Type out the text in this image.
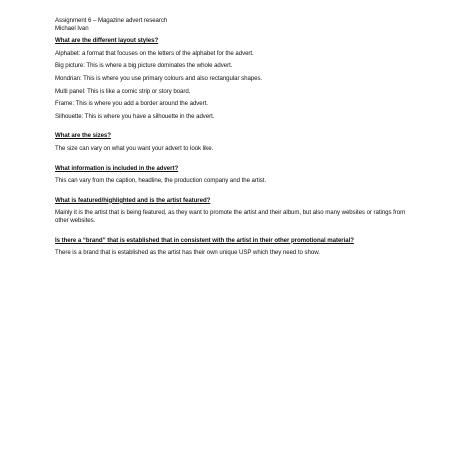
Assignment 6 – Magazine advert research

Michael Ivan

What are the different layout styles?

Alphabet: a format that focuses on the letters of the alphabet for the advert.

Big picture: This is where a big picture dominates the whole advert.

Mondrian: This is where you use primary colours and also rectangular shapes.

Multi panel: This is like a comic strip or story board.

Frame: This is where you add a border around the advert.

Silhouette: This is where you have a silhouette in the advert.

What are the sizes?

The size can vary on what you want your advert to look like.

What information is included in the advert?

This can vary from the caption, headline, the production company and the artist.

What is featured/highlighted and is the artist featured?

Mainly it is the artist that is being featured, as they want to promote the artist and their album, but also many websites or ratings from other websites.

Is there a “brand” that is established that in consistent with the artist in their other promotional material?

There is a brand that is established as the artist has their own unique USP which they need to show.
